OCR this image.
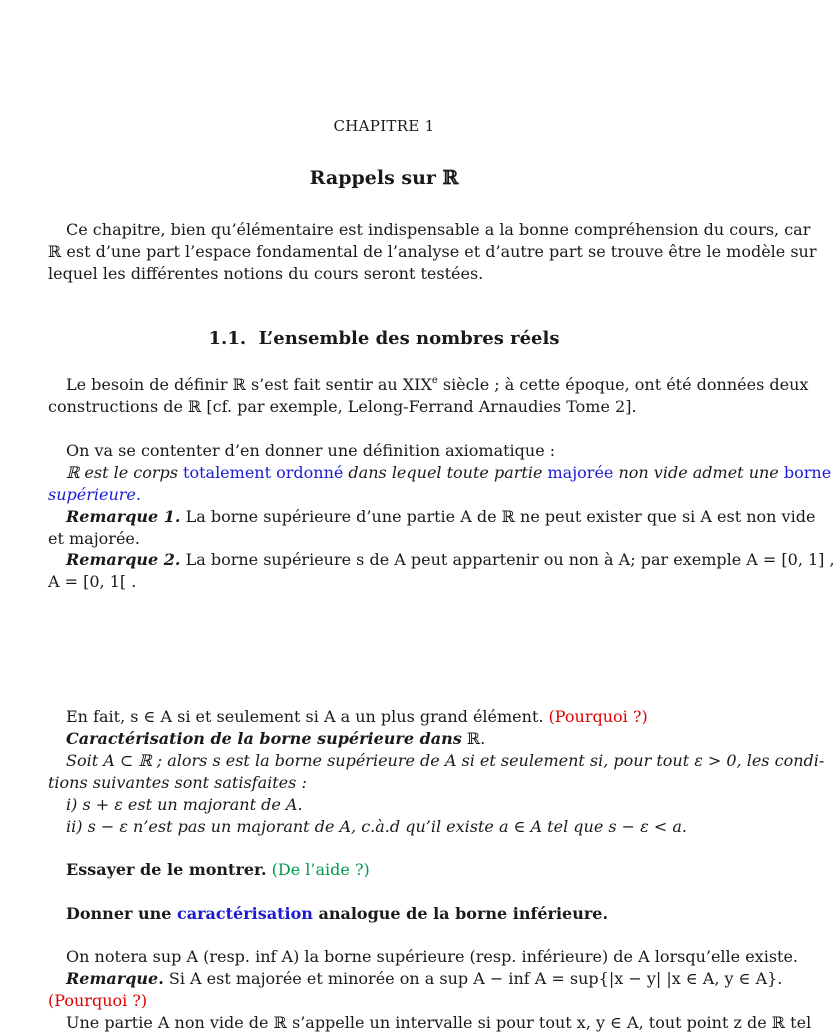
CHAPITRE 1
Rappels sur ℝ
Ce chapitre, bien qu’élémentaire est indispensable a la bonne compréhension du cours, car
ℝ est d’une part l’espace fondamental de l’analyse et d’autre part se trouve être le modèle sur
lequel les différentes notions du cours seront testées.
1.1. L’ensemble des nombres réels
Le besoin de définir ℝ s’est fait sentir au XIXe siècle ; à cette époque, ont été données deux
constructions de ℝ [cf. par exemple, Lelong-Ferrand Arnaudies Tome 2].
On va se contenter d’en donner une définition axiomatique :
ℝ est le corps totalement ordonné dans lequel toute partie majorée non vide admet une borne
supérieure.
Remarque 1. La borne supérieure d’une partie A de ℝ ne peut exister que si A est non vide
et majorée.
Remarque 2. La borne supérieure s de A peut appartenir ou non à A; par exemple A = [0, 1] ,
A = [0, 1[ .
En fait, s ∈ A si et seulement si A a un plus grand élément. (Pourquoi ?)
Caractérisation de la borne supérieure dans ℝ.
Soit A ⊂ ℝ ; alors s est la borne supérieure de A si et seulement si, pour tout ε > 0, les condi-
tions suivantes sont satisfaites :
i) s + ε est un majorant de A.
ii) s − ε n’est pas un majorant de A, c.à.d qu’il existe a ∈ A tel que s − ε < a.
Essayer de le montrer. (De l’aide ?)
Donner une caractérisation analogue de la borne inférieure.
On notera sup A (resp. inf A) la borne supérieure (resp. inférieure) de A lorsqu’elle existe.
Remarque. Si A est majorée et minorée on a sup A − inf A = sup{|x − y| |x ∈ A, y ∈ A}.
(Pourquoi ?)
Une partie A non vide de ℝ s’appelle un intervalle si pour tout x, y ∈ A, tout point z de ℝ tel
